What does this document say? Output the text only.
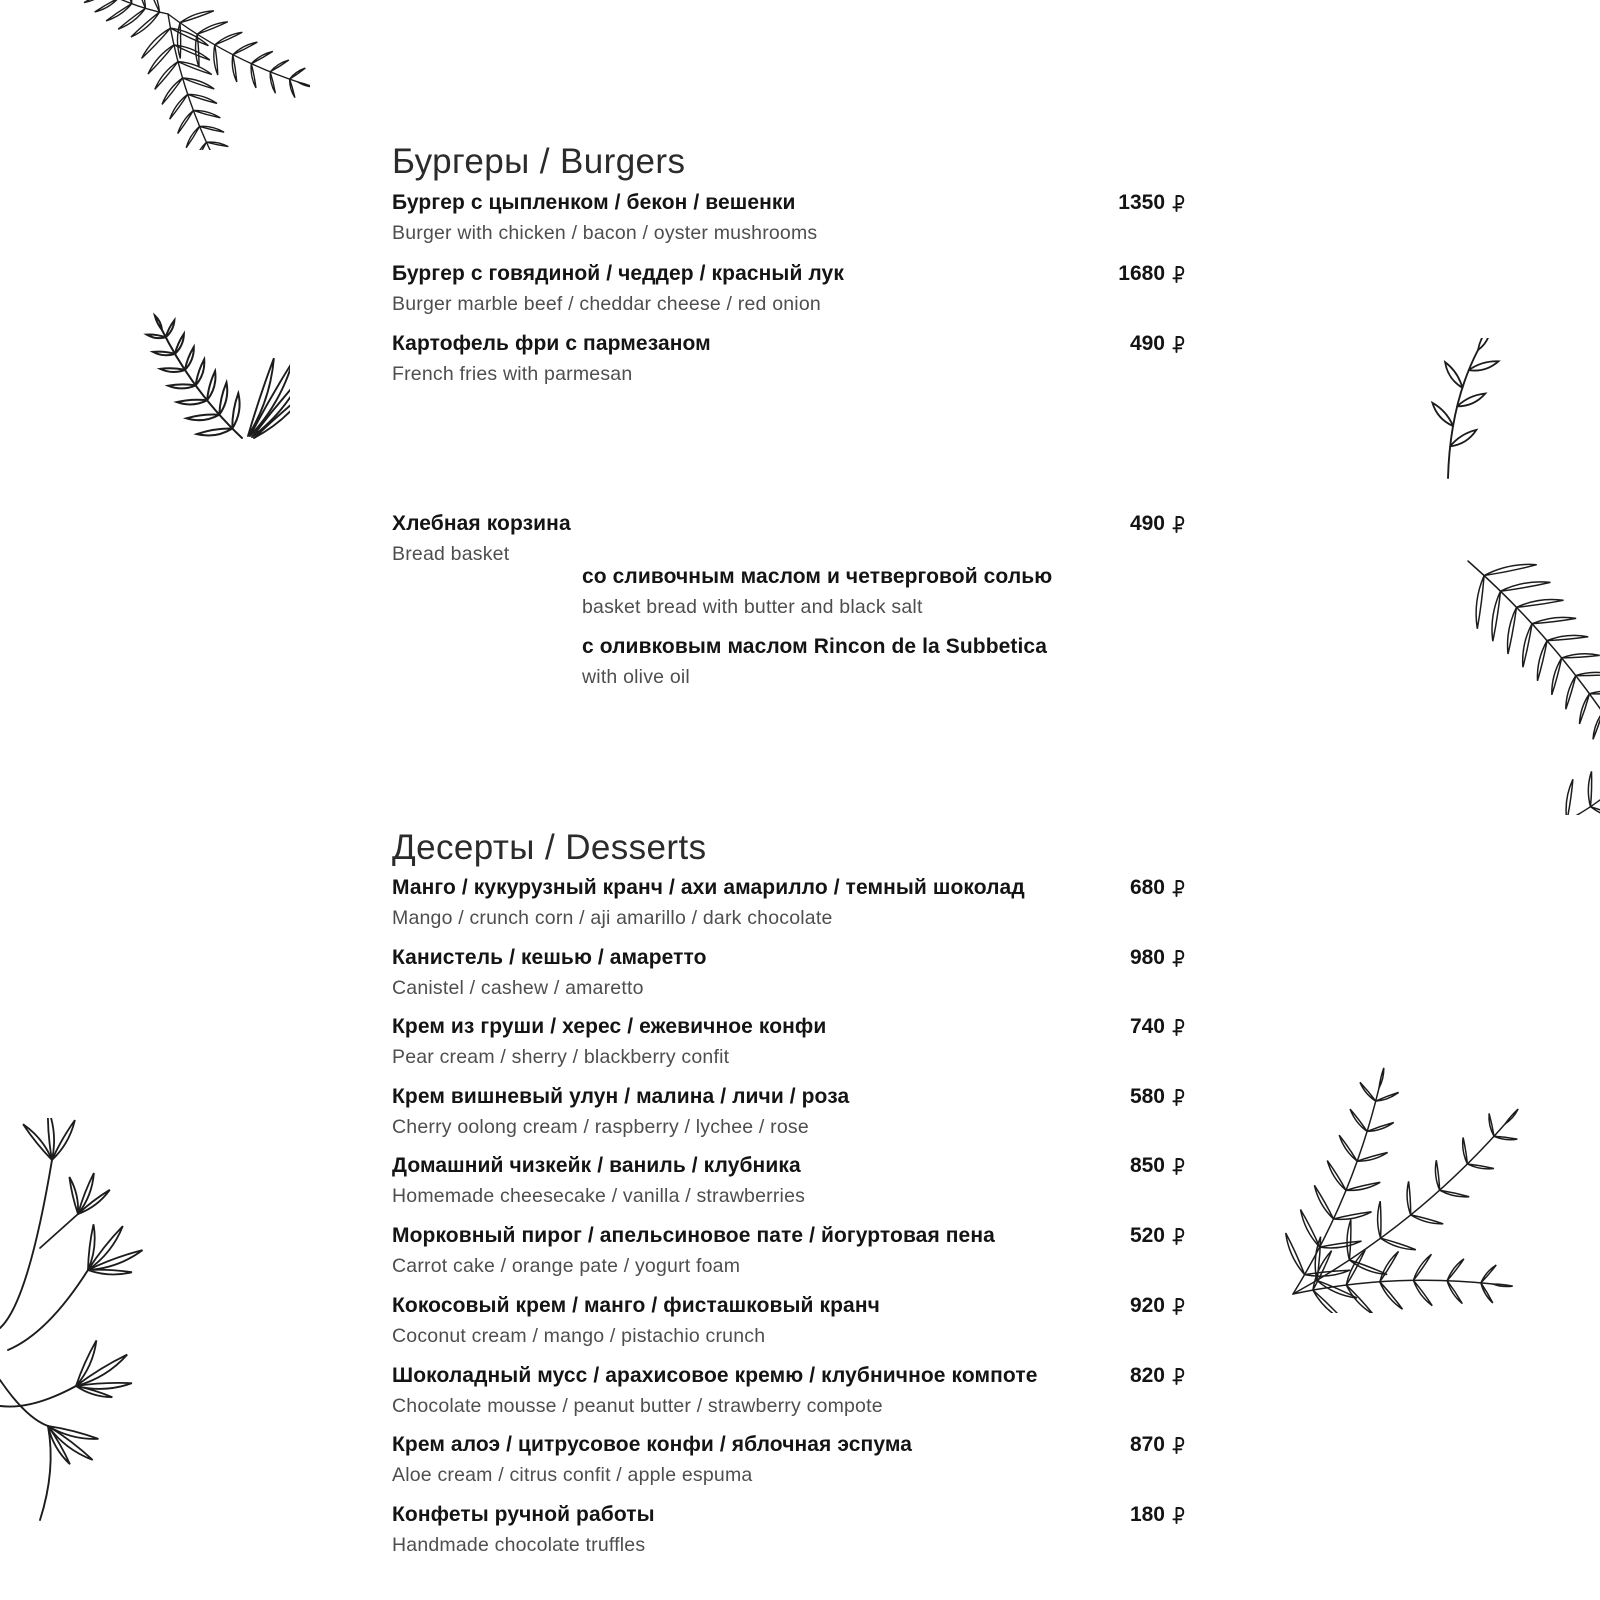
Бургеры / Burgers
Бургер с цыпленком / бекон / вешенки
Burger with chicken / bacon / oyster mushrooms
1350
Бургер с говядиной / чеддер / красный лук
Burger marble beef / cheddar cheese / red onion
1680
Картофель фри с пармезаном
French fries with parmesan
490
Хлебная корзина
Bread basket
490
со сливочным маслом и четверговой солью
basket bread with butter and black salt
с оливковым маслом Rincon de la Subbetica
with olive oil
Десерты / Desserts
Манго / кукурузный кранч / ахи амарилло / темный шоколад
Mango / crunch corn / aji amarillo / dark chocolate
680
Канистель / кешью / амаретто
Canistel / cashew / amaretto
980
Крем из груши / херес / ежевичное конфи
Pear cream / sherry / blackberry confit
740
Крем вишневый улун / малина / личи / роза
Cherry oolong cream / raspberry / lychee / rose
580
Домашний чизкейк / ваниль / клубника
Homemade cheesecake / vanilla / strawberries
850
Морковный пирог / апельсиновое пате / йогуртовая пена
Carrot cake / orange pate / yogurt foam
520
Кокосовый крем / манго / фисташковый кранч
Coconut cream / mango / pistachio crunch
920
Шоколадный мусс / арахисовое кремю / клубничное компоте
Chocolate mousse / peanut butter / strawberry compote
820
Крем алоэ / цитрусовое конфи / яблочная эспума
Aloe cream / citrus confit / apple espuma
870
Конфеты ручной работы
Handmade chocolate truffles
180
